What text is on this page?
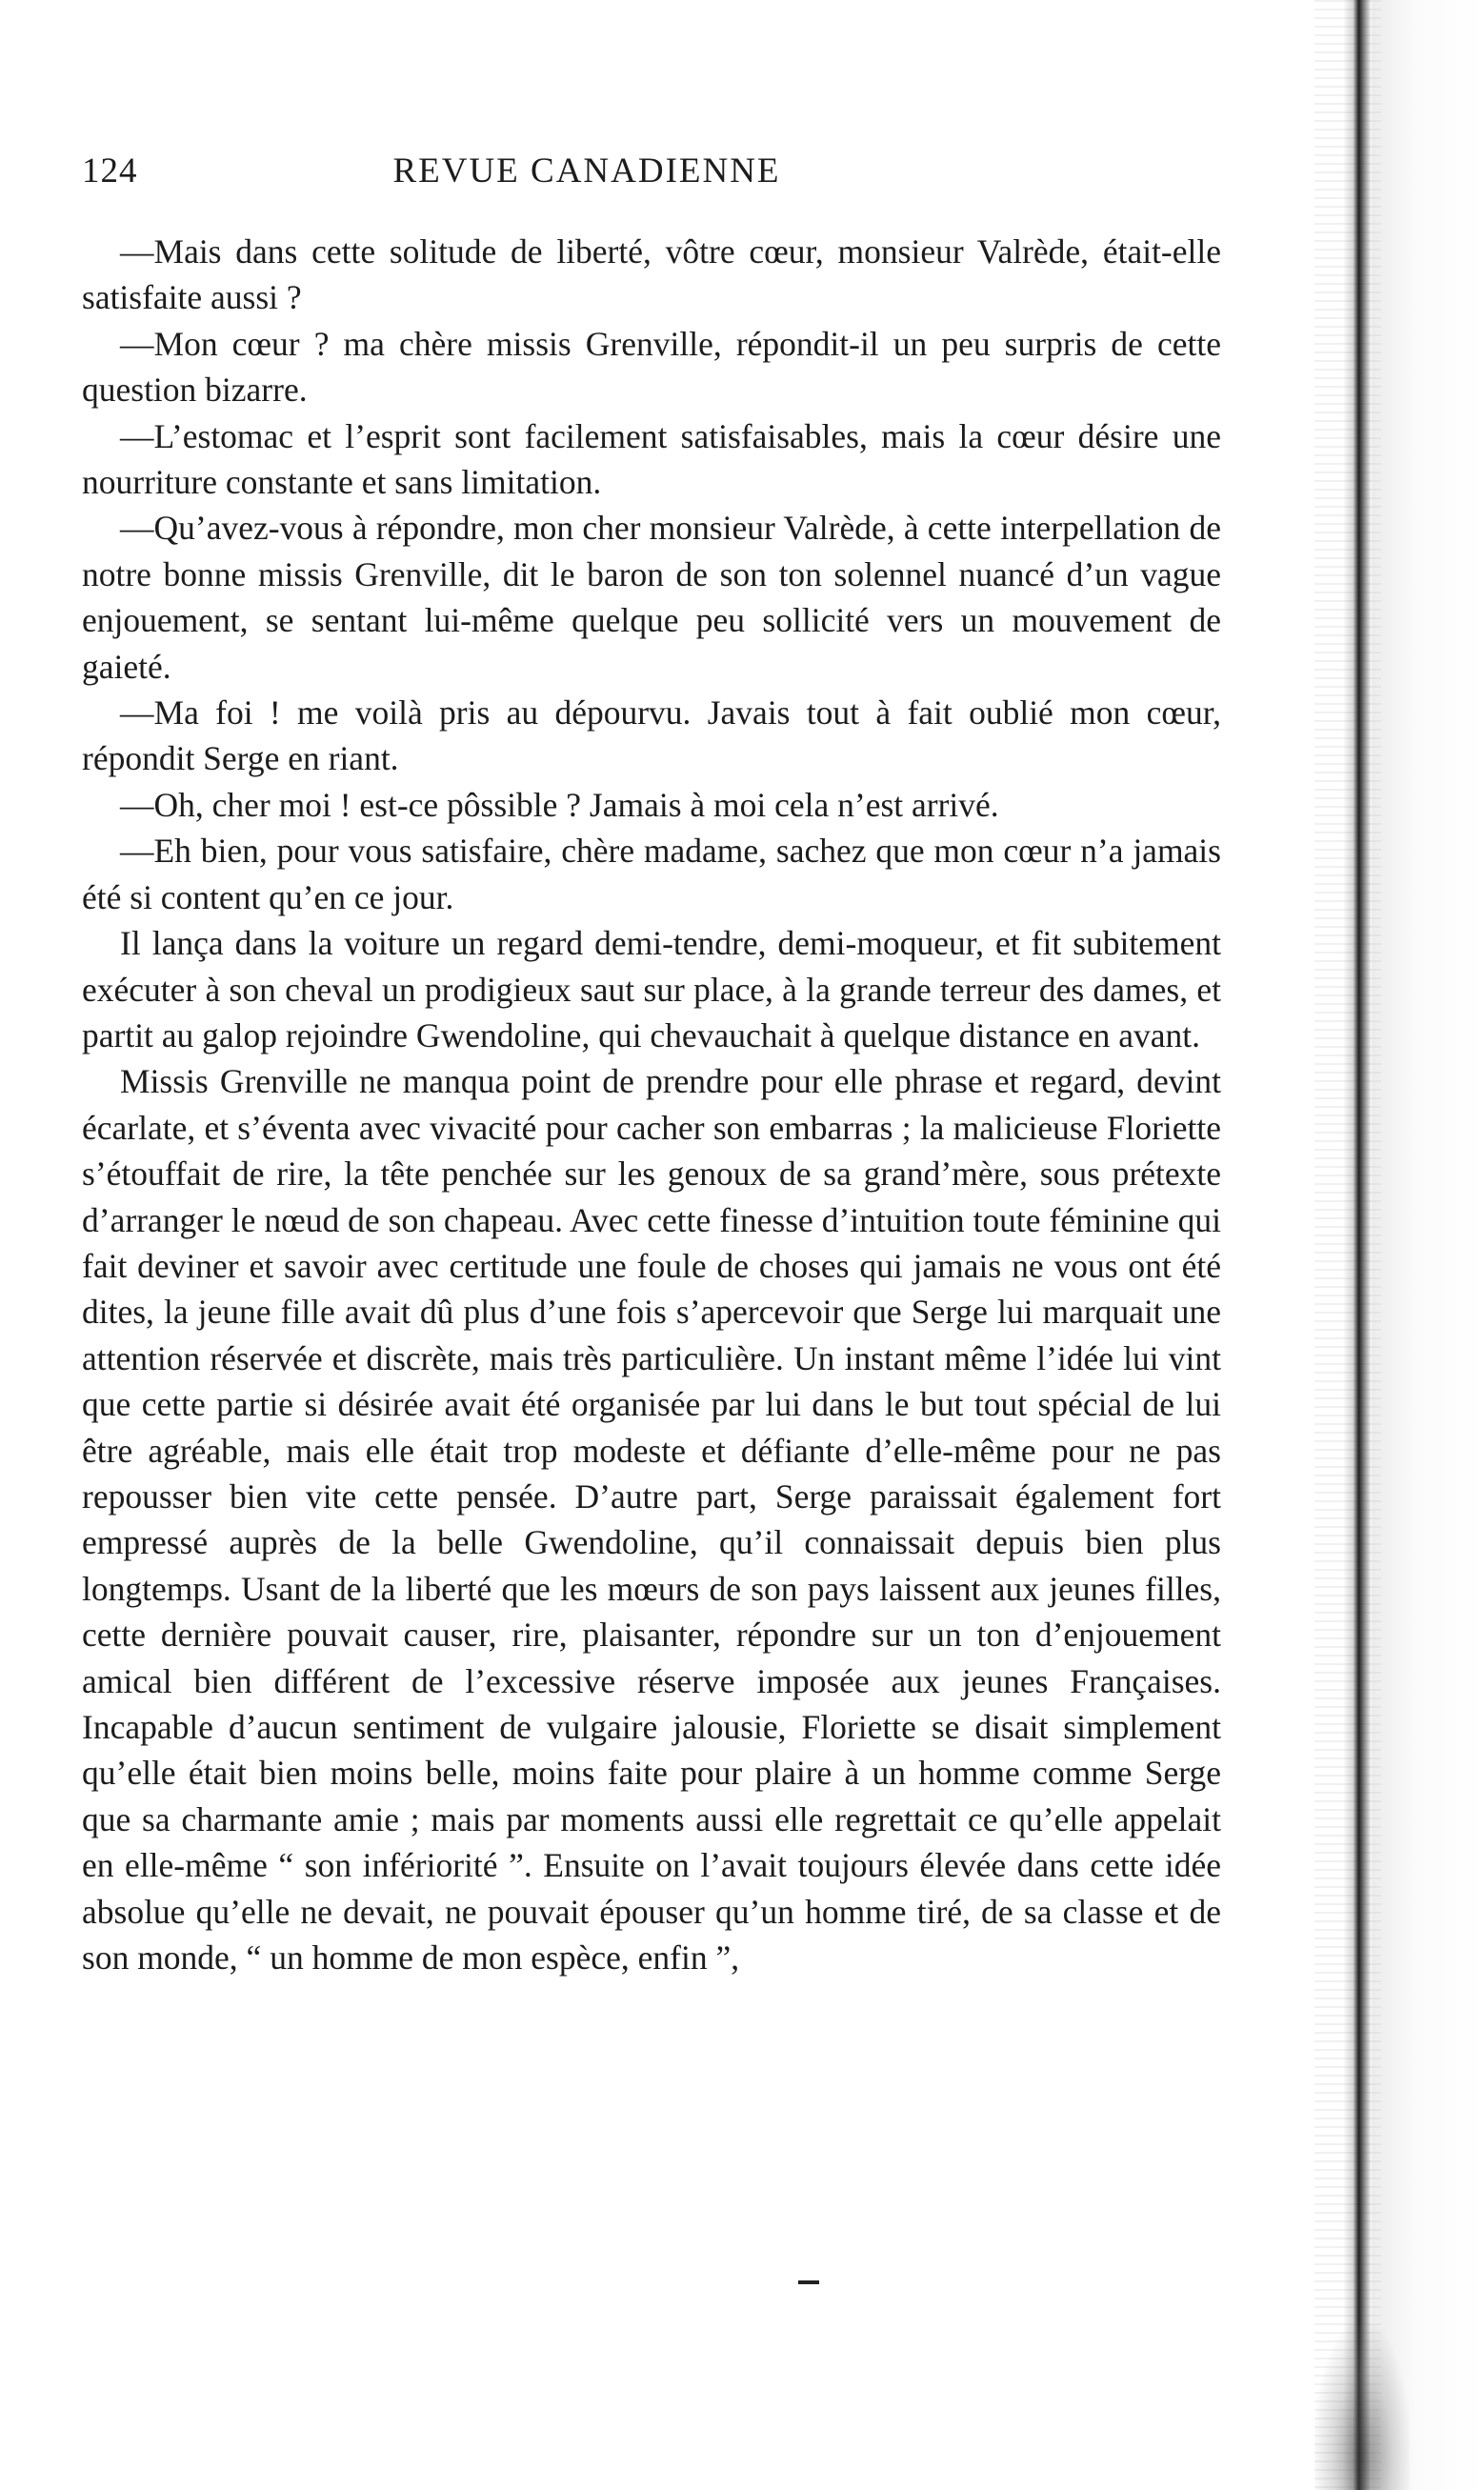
124	REVUE CANADIENNE

—Mais dans cette solitude de liberté, vôtre cœur, monsieur Valrède, était-elle satisfaite aussi ?

—Mon cœur ? ma chère missis Grenville, répondit-il un peu surpris de cette question bizarre.

—L’estomac et l’esprit sont facilement satisfaisables, mais la cœur désire une nourriture constante et sans limitation.

—Qu’avez-vous à répondre, mon cher monsieur Valrède, à cette interpellation de notre bonne missis Grenville, dit le baron de son ton solennel nuancé d’un vague enjouement, se sentant lui-même quelque peu sollicité vers un mouvement de gaieté.

—Ma foi ! me voilà pris au dépourvu. Javais tout à fait oublié mon cœur, répondit Serge en riant.

—Oh, cher moi ! est-ce pôssible ? Jamais à moi cela n’est arrivé.

—Eh bien, pour vous satisfaire, chère madame, sachez que mon cœur n’a jamais été si content qu’en ce jour.

Il lança dans la voiture un regard demi-tendre, demi-moqueur, et fit subitement exécuter à son cheval un prodigieux saut sur place, à la grande terreur des dames, et partit au galop rejoindre Gwendoline, qui chevauchait à quelque distance en avant.

Missis Grenville ne manqua point de prendre pour elle phrase et regard, devint écarlate, et s’éventa avec vivacité pour cacher son embarras ; la malicieuse Floriette s’étouffait de rire, la tête penchée sur les genoux de sa grand’mère, sous prétexte d’arranger le nœud de son chapeau. Avec cette finesse d’intuition toute féminine qui fait deviner et savoir avec certitude une foule de choses qui jamais ne vous ont été dites, la jeune fille avait dû plus d’une fois s’apercevoir que Serge lui marquait une attention réservée et discrète, mais très particulière. Un instant même l’idée lui vint que cette partie si désirée avait été organisée par lui dans le but tout spécial de lui être agréable, mais elle était trop modeste et défiante d’elle-même pour ne pas repousser bien vite cette pensée. D’autre part, Serge paraissait également fort empressé auprès de la belle Gwendoline, qu’il connaissait depuis bien plus longtemps. Usant de la liberté que les mœurs de son pays laissent aux jeunes filles, cette dernière pouvait causer, rire, plaisanter, répondre sur un ton d’enjouement amical bien différent de l’excessive réserve imposée aux jeunes Françaises. Incapable d’aucun sentiment de vulgaire jalousie, Floriette se disait simplement qu’elle était bien moins belle, moins faite pour plaire à un homme comme Serge que sa charmante amie ; mais par moments aussi elle regrettait ce qu’elle appelait en elle-même “ son infériorité ”. Ensuite on l’avait toujours élevée dans cette idée absolue qu’elle ne devait, ne pouvait épouser qu’un homme tiré, de sa classe et de son monde, “ un homme de mon espèce, enfin ”,
